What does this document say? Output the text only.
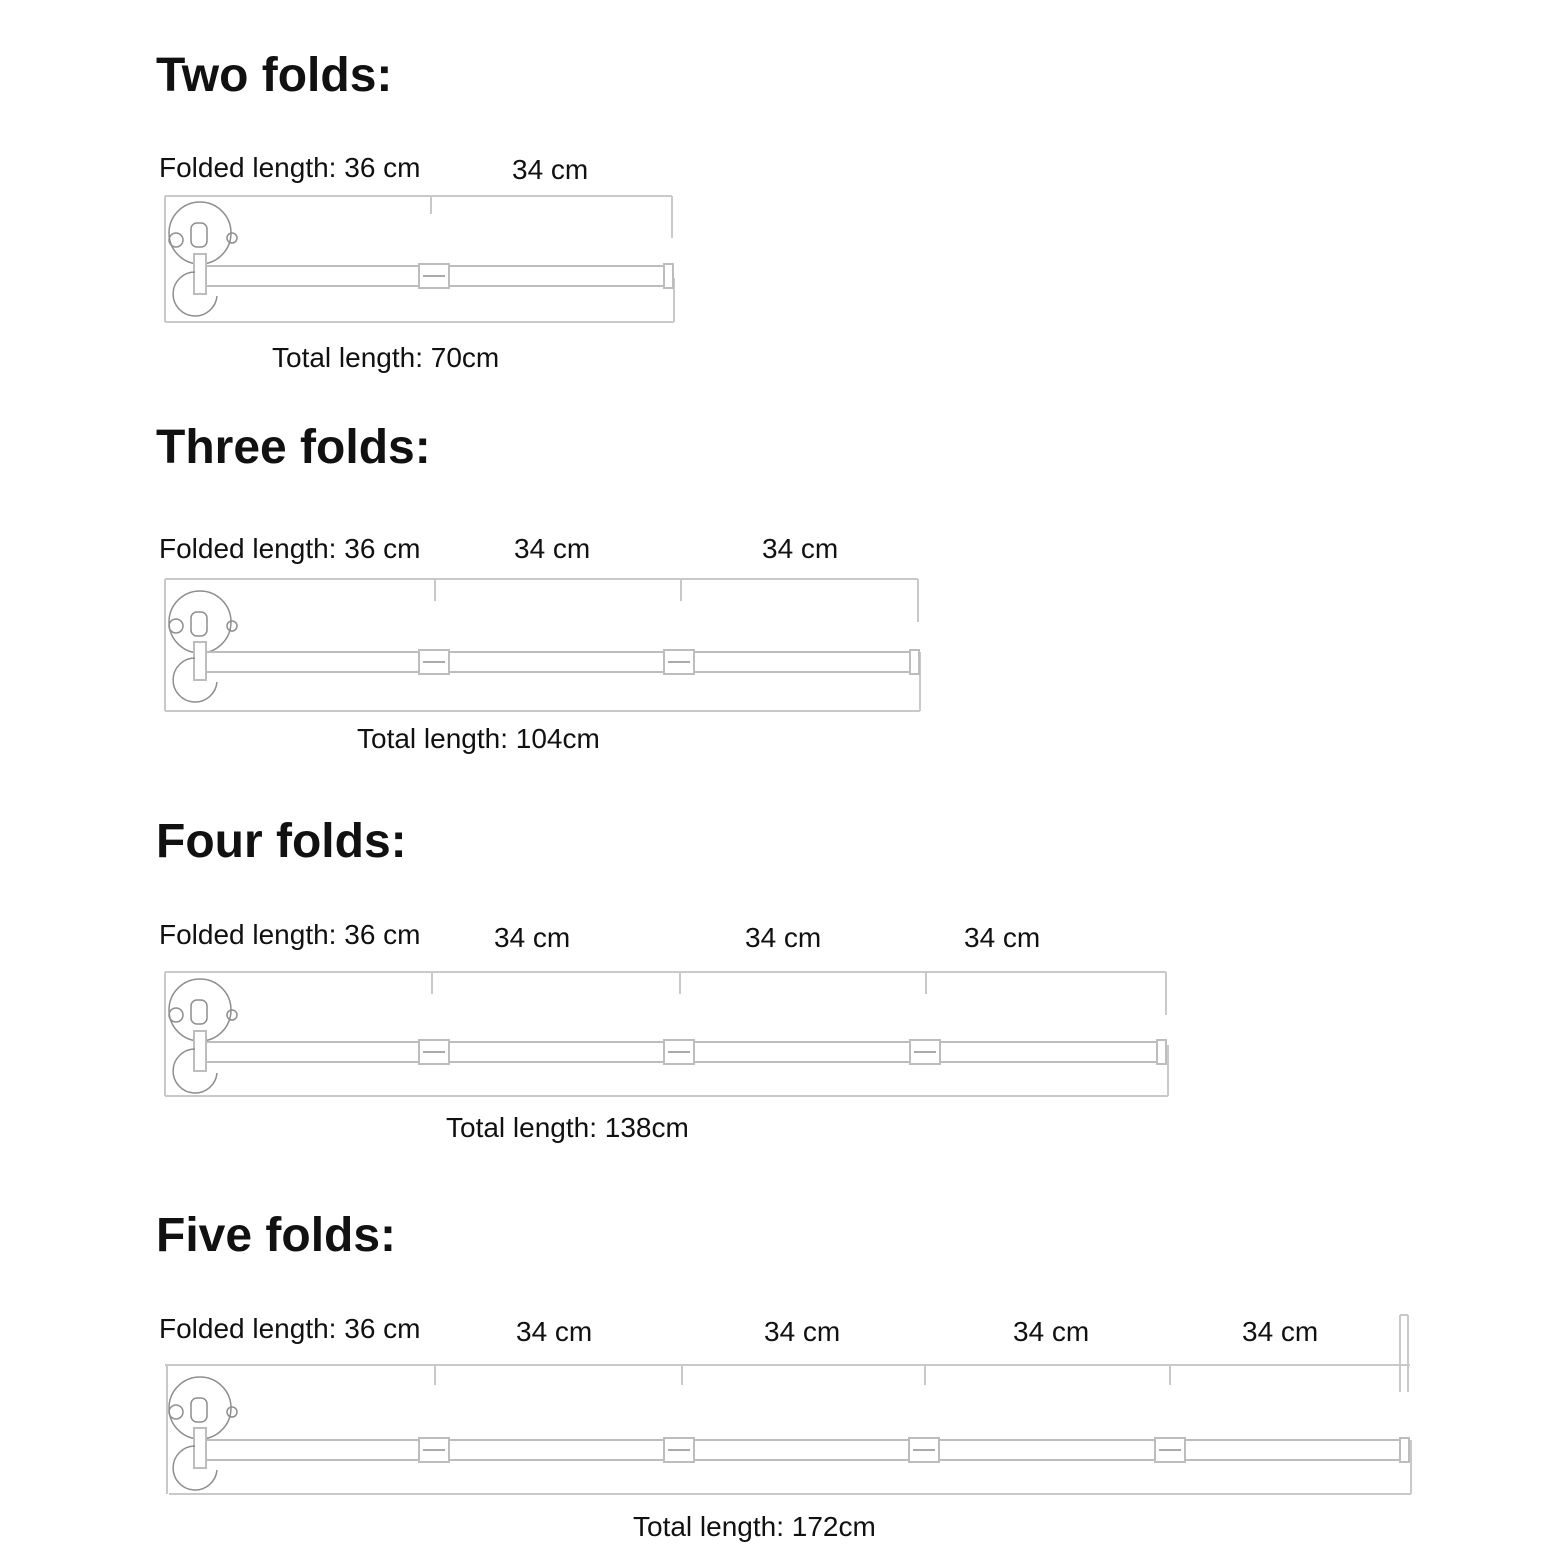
Two folds:
Folded length: 36 cm	34 cm
Total length: 70cm
Three folds:
Folded length: 36 cm	34 cm	34 cm
Total length: 104cm
Four folds:
Folded length: 36 cm	34 cm	34 cm	34 cm
Total length: 138cm
Five folds:
Folded length: 36 cm	34 cm	34 cm	34 cm	34 cm
Total length: 172cm
